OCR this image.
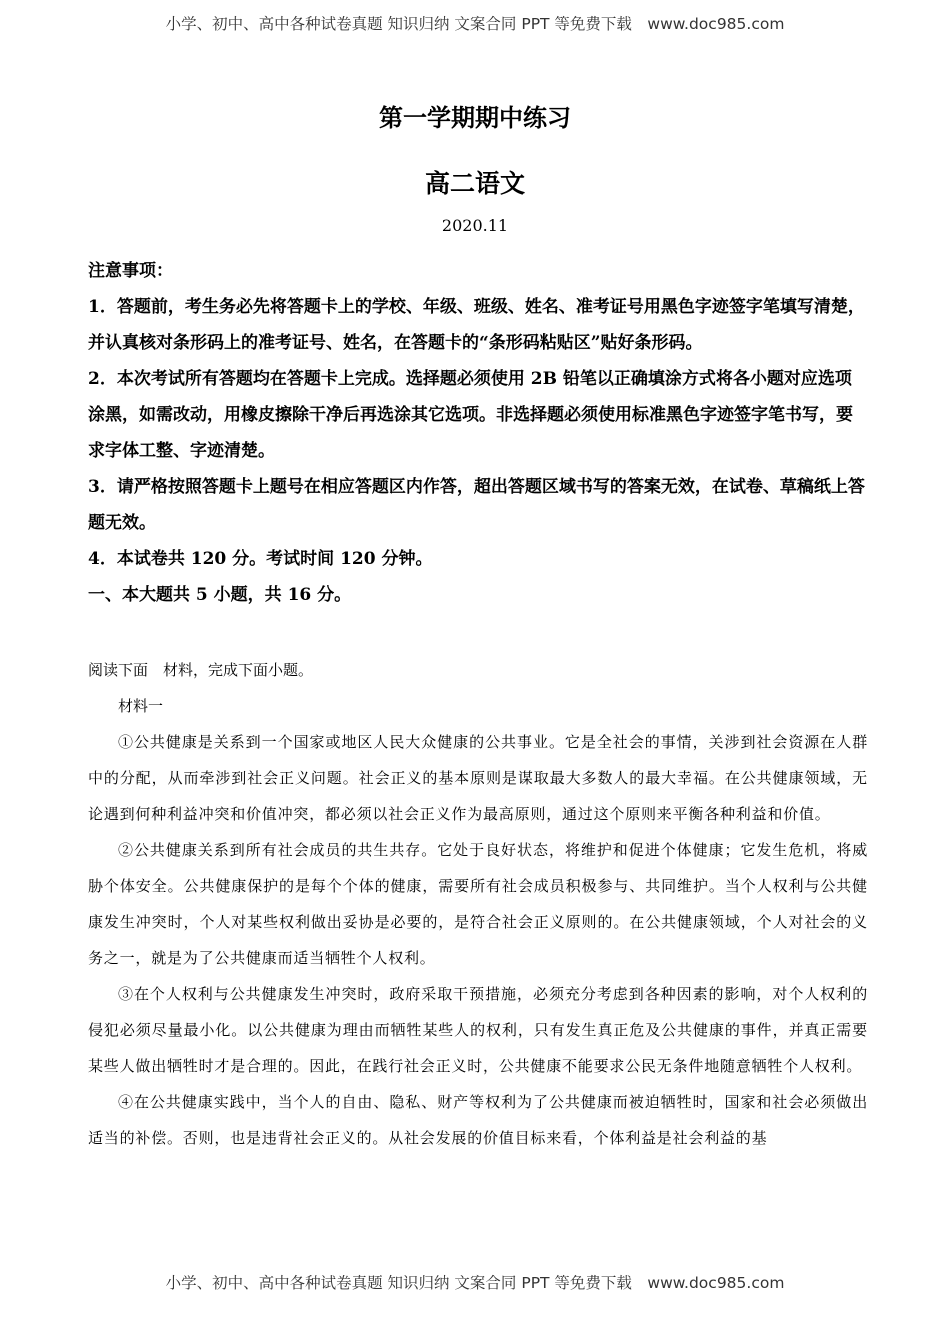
小学、初中、高中各种试卷真题 知识归纳 文案合同 PPT 等免费下载　www.doc985.com
第一学期期中练习
高二语文
2020.11

注意事项：

1．答题前，考生务必先将答题卡上的学校、年级、班级、姓名、准考证号用黑色字迹签字笔填写清楚，并认真核对条形码上的准考证号、姓名，在答题卡的“条形码粘贴区”贴好条形码。

2．本次考试所有答题均在答题卡上完成。选择题必须使用 2B 铅笔以正确填涂方式将各小题对应选项涂黑，如需改动，用橡皮擦除干净后再选涂其它选项。非选择题必须使用标准黑色字迹签字笔书写，要求字体工整、字迹清楚。

3．请严格按照答题卡上题号在相应答题区内作答，超出答题区域书写的答案无效，在试卷、草稿纸上答题无效。

4．本试卷共 120 分。考试时间 120 分钟。

一、本大题共 5 小题，共 16 分。

阅读下面　材料，完成下面小题。

材料一

①公共健康是关系到一个国家或地区人民大众健康的公共事业。它是全社会的事情，关涉到社会资源在人群中的分配，从而牵涉到社会正义问题。社会正义的基本原则是谋取最大多数人的最大幸福。在公共健康领域，无论遇到何种利益冲突和价值冲突，都必须以社会正义作为最高原则，通过这个原则来平衡各种利益和价值。

②公共健康关系到所有社会成员的共生共存。它处于良好状态，将维护和促进个体健康；它发生危机，将威胁个体安全。公共健康保护的是每个个体的健康，需要所有社会成员积极参与、共同维护。当个人权利与公共健康发生冲突时，个人对某些权利做出妥协是必要的，是符合社会正义原则的。在公共健康领域，个人对社会的义务之一，就是为了公共健康而适当牺牲个人权利。

③在个人权利与公共健康发生冲突时，政府采取干预措施，必须充分考虑到各种因素的影响，对个人权利的侵犯必须尽量最小化。以公共健康为理由而牺牲某些人的权利，只有发生真正危及公共健康的事件，并真正需要某些人做出牺牲时才是合理的。因此，在践行社会正义时，公共健康不能要求公民无条件地随意牺牲个人权利。

④在公共健康实践中，当个人的自由、隐私、财产等权利为了公共健康而被迫牺牲时，国家和社会必须做出适当的补偿。否则，也是违背社会正义的。从社会发展的价值目标来看，个体利益是社会利益的基

小学、初中、高中各种试卷真题 知识归纳 文案合同 PPT 等免费下载　www.doc985.com
